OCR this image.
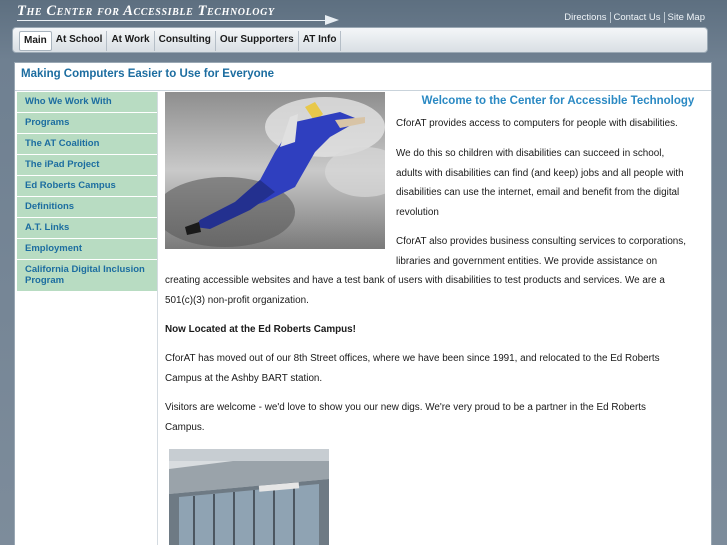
The Center for Accessible Technology	Directions Contact Us Site Map
Main At School At Work Consulting Our Supporters AT Info
Making Computers Easier to Use for Everyone
Who We Work With
Programs
The AT Coalition
The iPad Project
Ed Roberts Campus
Definitions
A.T. Links
Employment
California Digital Inclusion Program
Welcome to the Center for Accessible Technology
CforAT provides access to computers for people with disabilities.
We do this so children with disabilities can succeed in school,
adults with disabilities can find (and keep) jobs and all people with
disabilities can use the internet, email and benefit from the digital
revolution
CforAT also provides business consulting services to corporations,
libraries and government entities. We provide assistance on
creating accessible websites and have a test bank of users with disabilities to test products and services. We are a
501(c)(3) non-profit organization.
Now Located at the Ed Roberts Campus!
CforAT has moved out of our 8th Street offices, where we have been since 1991, and relocated to the Ed Roberts
Campus at the Ashby BART station.
Visitors are welcome - we'd love to show you our new digs. We're very proud to be a partner in the Ed Roberts
Campus.
